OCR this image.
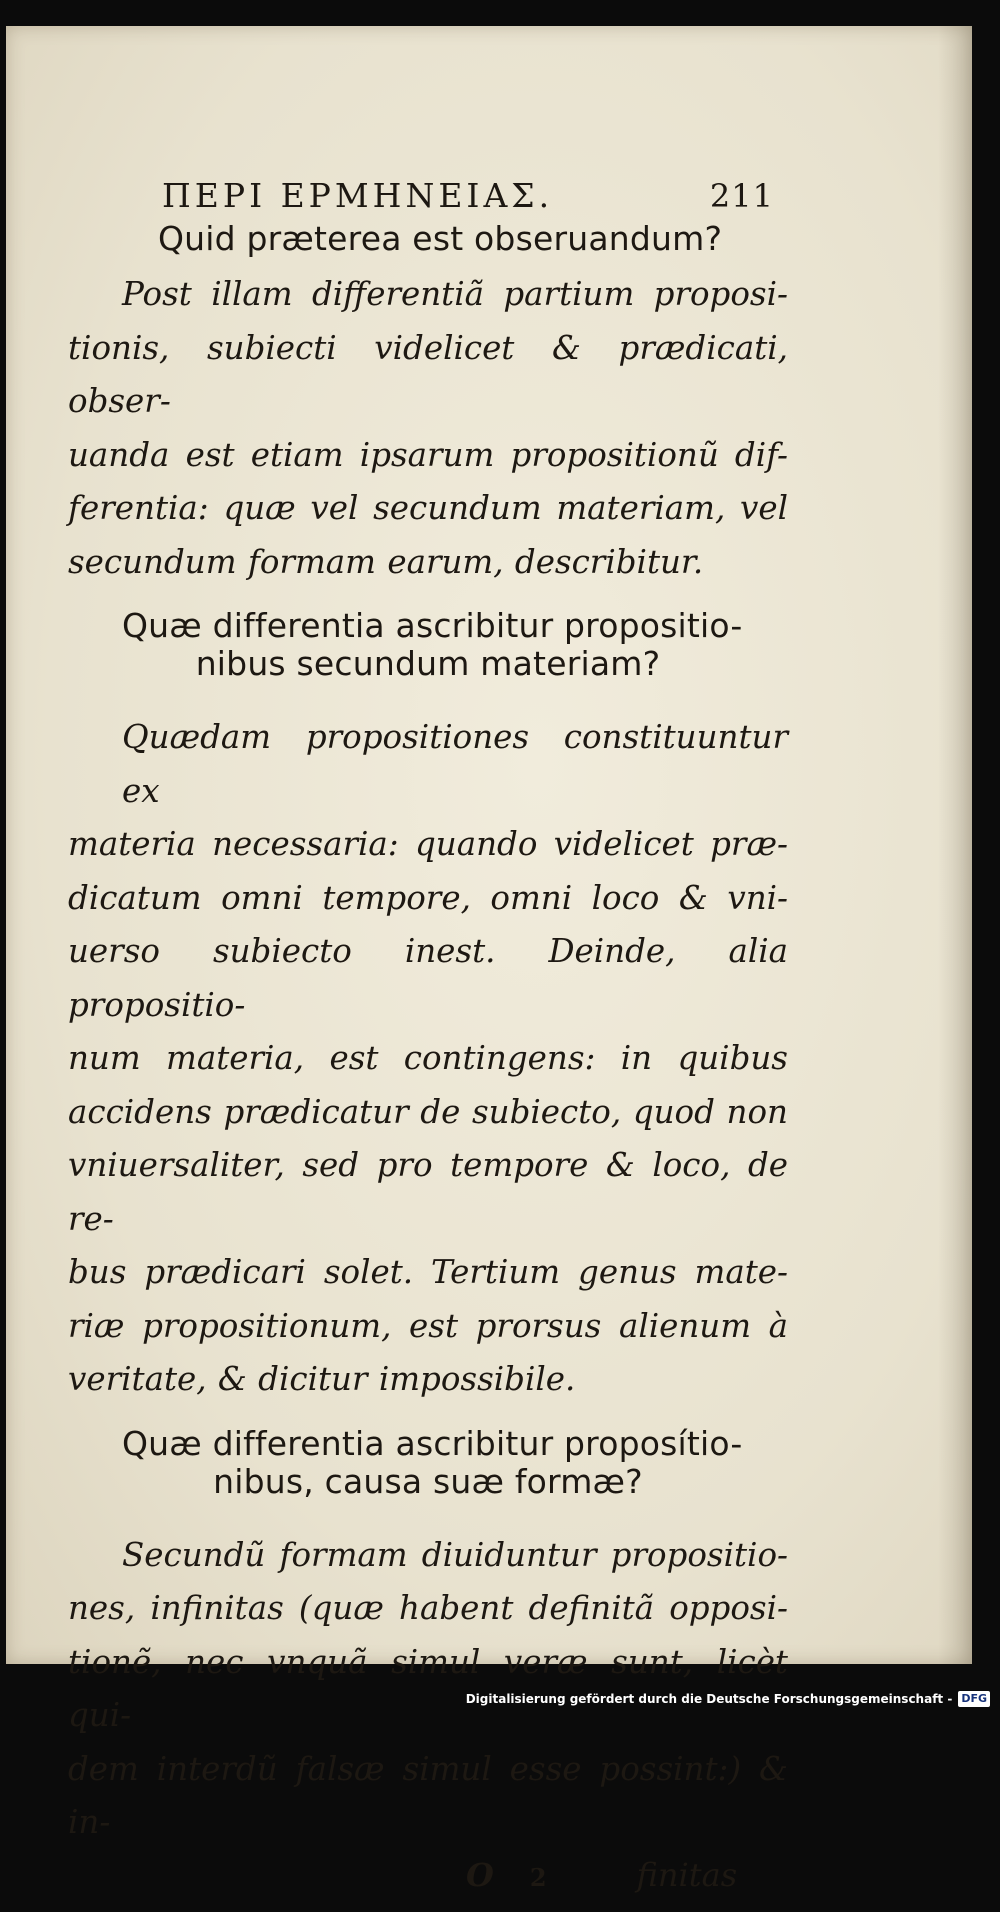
ΠΕΡΙ ΕΡΜΗΝΕΙΑΣ.	211
Quid præterea est obseruandum?
Post illam differentiã partium proposi-
tionis, subiecti videlicet & prædicati, obser-
uanda est etiam ipsarum propositionũ dif-
ferentia: quæ vel secundum materiam, vel
secundum formam earum, describitur.
Quæ differentia ascribitur propositio-
nibus secundum materiam?
Quædam propositiones constituuntur ex
materia necessaria: quando videlicet præ-
dicatum omni tempore, omni loco & vni-
uerso subiecto inest. Deinde, alia propositio-
num materia, est contingens: in quibus
accidens prædicatur de subiecto, quod non
vniuersaliter, sed pro tempore & loco, de re-
bus prædicari solet. Tertium genus mate-
riæ propositionum, est prorsus alienum à
veritate, & dicitur impossibile.
Quæ differentia ascribitur proposítio-
nibus, causa suæ formæ?
Secundũ formam diuiduntur propositio-
nes, infinitas (quæ habent definitã opposi-
tionẽ, nec vnquã simul veræ sunt, licèt qui-
dem interdũ falsæ simul esse possint:) & in-
O 2	finitas
Digitalisierung gefördert durch die Deutsche Forschungsgemeinschaft - DFG
